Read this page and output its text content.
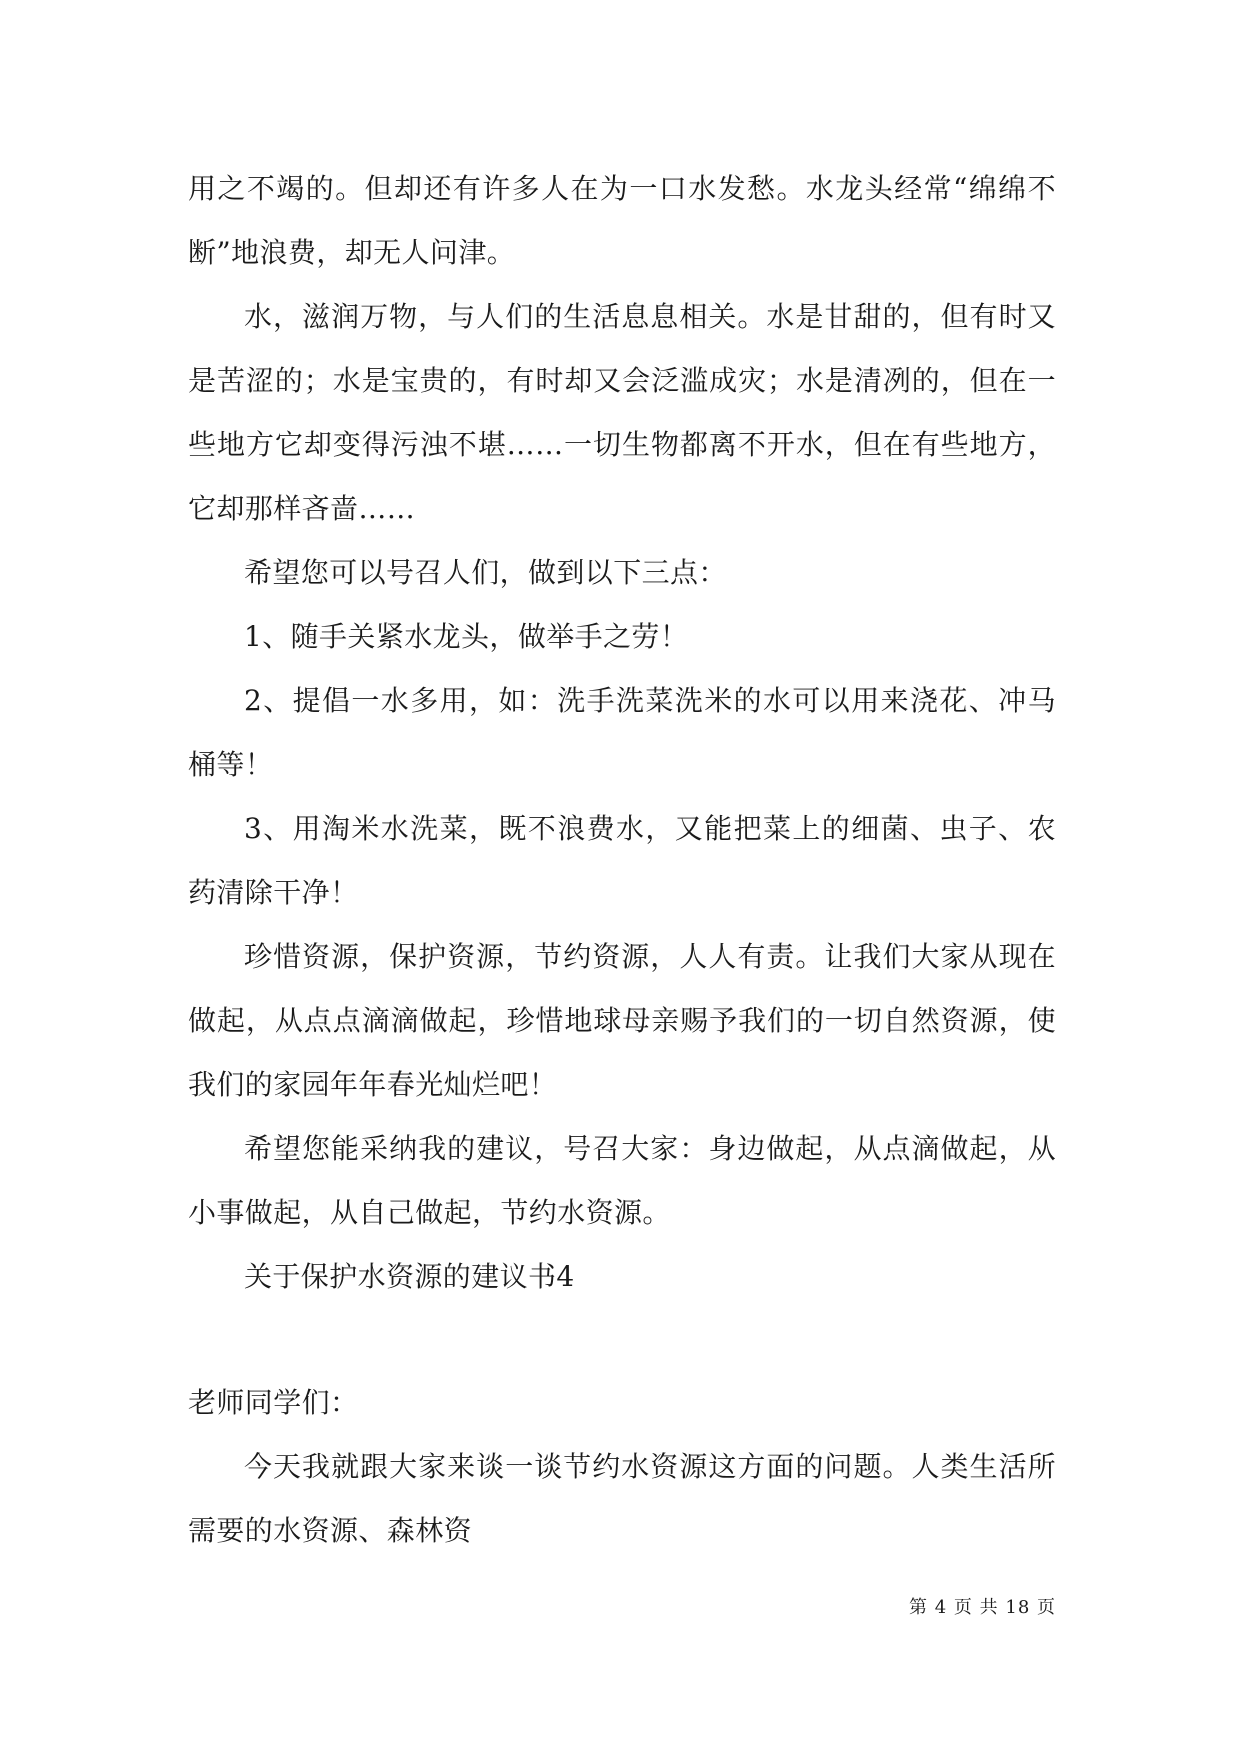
用之不竭的。但却还有许多人在为一口水发愁。水龙头经常“绵绵不断”地浪费，却无人问津。

水，滋润万物，与人们的生活息息相关。水是甘甜的，但有时又是苦涩的；水是宝贵的，有时却又会泛滥成灾；水是清冽的，但在一些地方它却变得污浊不堪……一切生物都离不开水，但在有些地方，它却那样吝啬……

希望您可以号召人们，做到以下三点：

1、随手关紧水龙头，做举手之劳！

2、提倡一水多用，如：洗手洗菜洗米的水可以用来浇花、冲马桶等！

3、用淘米水洗菜，既不浪费水，又能把菜上的细菌、虫子、农药清除干净！

珍惜资源，保护资源，节约资源，人人有责。让我们大家从现在做起，从点点滴滴做起，珍惜地球母亲赐予我们的一切自然资源，使我们的家园年年春光灿烂吧！

希望您能采纳我的建议，号召大家：身边做起，从点滴做起，从小事做起，从自己做起，节约水资源。

关于保护水资源的建议书4

老师同学们：

今天我就跟大家来谈一谈节约水资源这方面的问题。人类生活所需要的水资源、森林资

第 4 页 共 18 页
